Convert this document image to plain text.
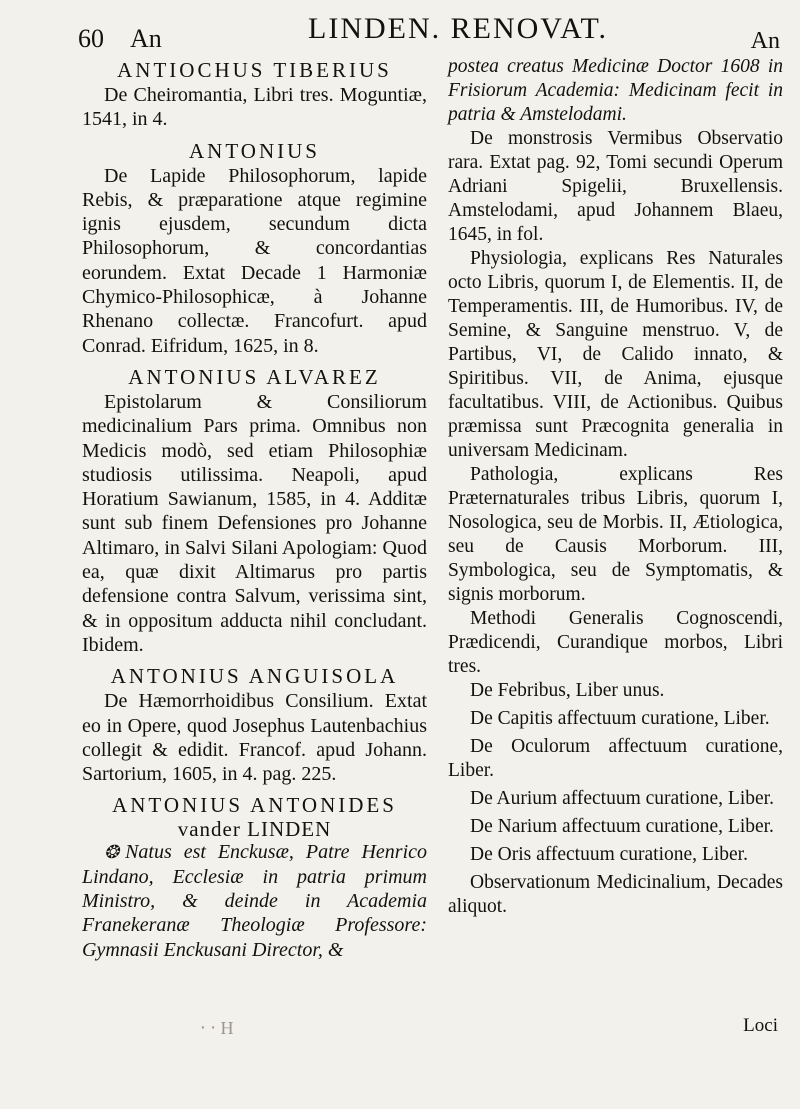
60 An	LINDEN. RENOVAT.	An
ANTIOCHUS TIBERIUS

De Cheiromantia, Libri tres. Moguntiæ, 1541, in 4.

ANTONIUS

De Lapide Philosophorum, lapide Rebis, & præparatione atque regimine ignis ejusdem, secundum dicta Philosophorum, & concordantias eorundem. Extat Decade 1 Harmoniæ Chymico-Philosophicæ, à Johanne Rhenano collectæ. Francofurt. apud Conrad. Eifridum, 1625, in 8.

ANTONIUS ALVAREZ

Epistolarum & Consiliorum medicinalium Pars prima. Omnibus non Medicis modò, sed etiam Philosophiæ studiosis utilissima. Neapoli, apud Horatium Sawianum, 1585, in 4. Additæ sunt sub finem Defensiones pro Johanne Altimaro, in Salvi Silani Apologiam: Quod ea, quæ dixit Altimarus pro partis defensione contra Salvum, verissima sint, & in oppositum adducta nihil concludant. Ibidem.

ANTONIUS ANGUISOLA

De Hæmorrhoidibus Consilium. Extat eo in Opere, quod Josephus Lautenbachius collegit & edidit. Francof. apud Johann. Sartorium, 1605, in 4. pag. 225.

ANTONIUS ANTONIDES
vander LINDEN

❂ Natus est Enckusæ, Patre Henrico Lindano, Ecclesiæ in patria primum Ministro, & deinde in Academia Franekeranæ Theologiæ Professore: Gymnasii Enckusani Director, &

postea creatus Medicinæ Doctor 1608 in Frisiorum Academia: Medicinam fecit in patria & Amstelodami.

De monstrosis Vermibus Observatio rara. Extat pag. 92, Tomi secundi Operum Adriani Spigelii, Bruxellensis. Amstelodami, apud Johannem Blaeu, 1645, in fol.

Physiologia, explicans Res Naturales octo Libris, quorum I, de Elementis. II, de Temperamentis. III, de Humoribus. IV, de Semine, & Sanguine menstruo. V, de Partibus, VI, de Calido innato, & Spiritibus. VII, de Anima, ejusque facultatibus. VIII, de Actionibus. Quibus præmissa sunt Præcognita generalia in universam Medicinam.

Pathologia, explicans Res Præternaturales tribus Libris, quorum I, Nosologica, seu de Morbis. II, Ætiologica, seu de Causis Morborum. III, Symbologica, seu de Symptomatis, & signis morborum.

Methodi Generalis Cognoscendi, Prædicendi, Curandique morbos, Libri tres.

De Febribus, Liber unus.

De Capitis affectuum curatione, Liber.

De Oculorum affectuum curatione, Liber.

De Aurium affectuum curatione, Liber.

De Narium affectuum curatione, Liber.

De Oris affectuum curatione, Liber.

Observationum Medicinalium, Decades aliquot.

‧ ‧ H	Loci
